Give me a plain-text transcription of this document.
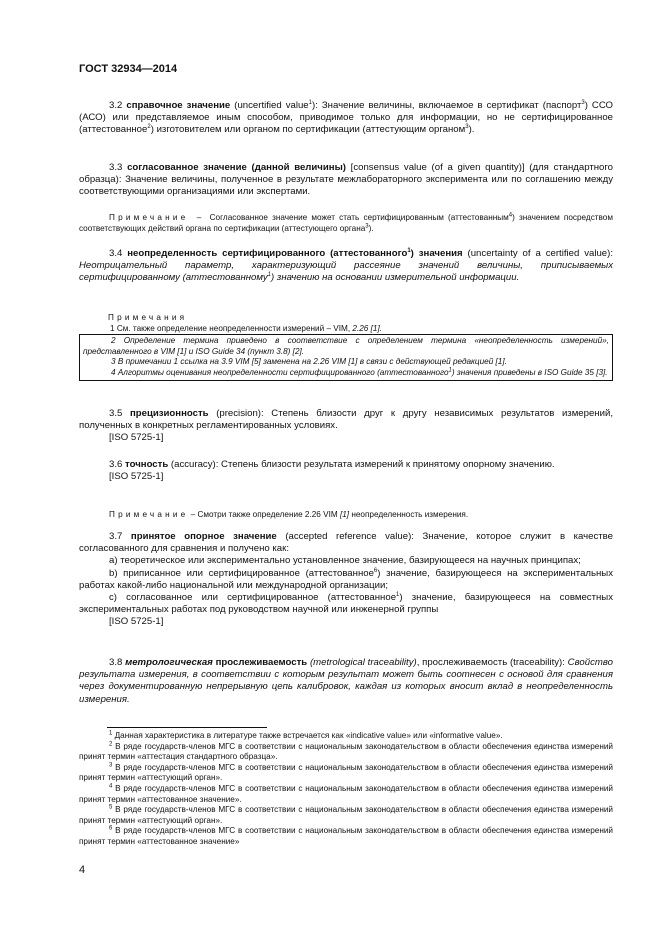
ГОСТ 32934—2014

3.2 справочное значение (uncertified value$^1$): Значение величины, включаемое в сертификат (паспорт$^3$) ССО (АСО) или представляемое иным способом, приводимое только для информации, но не сертифицированное (аттестованное$^2$) изготовителем или органом по сертификации (аттестующим органом$^3$).

3.3 согласованное значение (данной величины) [consensus value (of a given quantity)] (для стандартного образца): Значение величины, полученное в результате межлабораторного эксперимента или по соглашению между соответствующими организациями или экспертами.

Примечание – Согласованное значение может стать сертифицированным (аттестованным$^4$) значением посредством соответствующих действий органа по сертификации (аттестующего органа$^3$).

3.4 неопределенность сертифицированного (аттестованного$^1$) значения (uncertainty of a certified value): Неотрицательный параметр, характеризующий рассеяние значений величины, приписываемых сертифицированному (аттестованному$^1$) значению на основании измерительной информации.

Примечания

1 См. также определение неопределенности измерений – VIM, 2.26 [1].

2 Определение термина приведено в соответствие с определением термина «неопределенность измерений», представленного в VIM [1] и ISO Guide 34 (пункт 3.8) [2].

3 В примечании 1 ссылка на 3.9 VIM [5] заменена на 2.26 VIM [1] в связи с действующей редакцией [1].

4 Алгоритмы оценивания неопределенности сертифицированного (аттестованного$^1$) значения приведены в ISO Guide 35 [3].

3.5 прецизионность (precision): Степень близости друг к другу независимых результатов измерений, полученных в конкретных регламентированных условиях.

[ISO 5725-1]

3.6 точность (accuracy): Степень близости результата измерений к принятому опорному значению.

[ISO 5725-1]

Примечание – Смотри также определение 2.26 VIM [1] неопределенность измерения.

3.7 принятое опорное значение (accepted reference value): Значение, которое служит в качестве согласованного для сравнения и получено как:

a) теоретическое или экспериментально установленное значение, базирующееся на научных принципах;

b) приписанное или сертифицированное (аттестованное$^6$) значение, базирующееся на экспериментальных работах какой-либо национальной или международной организации;

c) согласованное или сертифицированное (аттестованное$^1$) значение, базирующееся на совместных экспериментальных работах под руководством научной или инженерной группы

[ISO 5725-1]

3.8 метрологическая прослеживаемость (metrological traceability), прослеживаемость (traceability): Свойство результата измерения, в соответствии с которым результат может быть соотнесен с основой для сравнения через документированную непрерывную цепь калибровок, каждая из которых вносит вклад в неопределенность измерения.

$^1$ Данная характеристика в литературе также встречается как «indicative value» или «informative value».

$^2$ В ряде государств-членов МГС в соответствии с национальным законодательством в области обеспечения единства измерений принят термин «аттестация стандартного образца».

$^3$ В ряде государств-членов МГС в соответствии с национальным законодательством в области обеспечения единства измерений принят термин «аттестующий орган».

$^4$ В ряде государств-членов МГС в соответствии с национальным законодательством в области обеспечения единства измерений принят термин «аттестованное значение».

$^5$ В ряде государств-членов МГС в соответствии с национальным законодательством в области обеспечения единства измерений принят термин «аттестующий орган».

$^6$ В ряде государств-членов МГС в соответствии с национальным законодательством в области обеспечения единства измерений принят термин «аттестованное значение»

4
